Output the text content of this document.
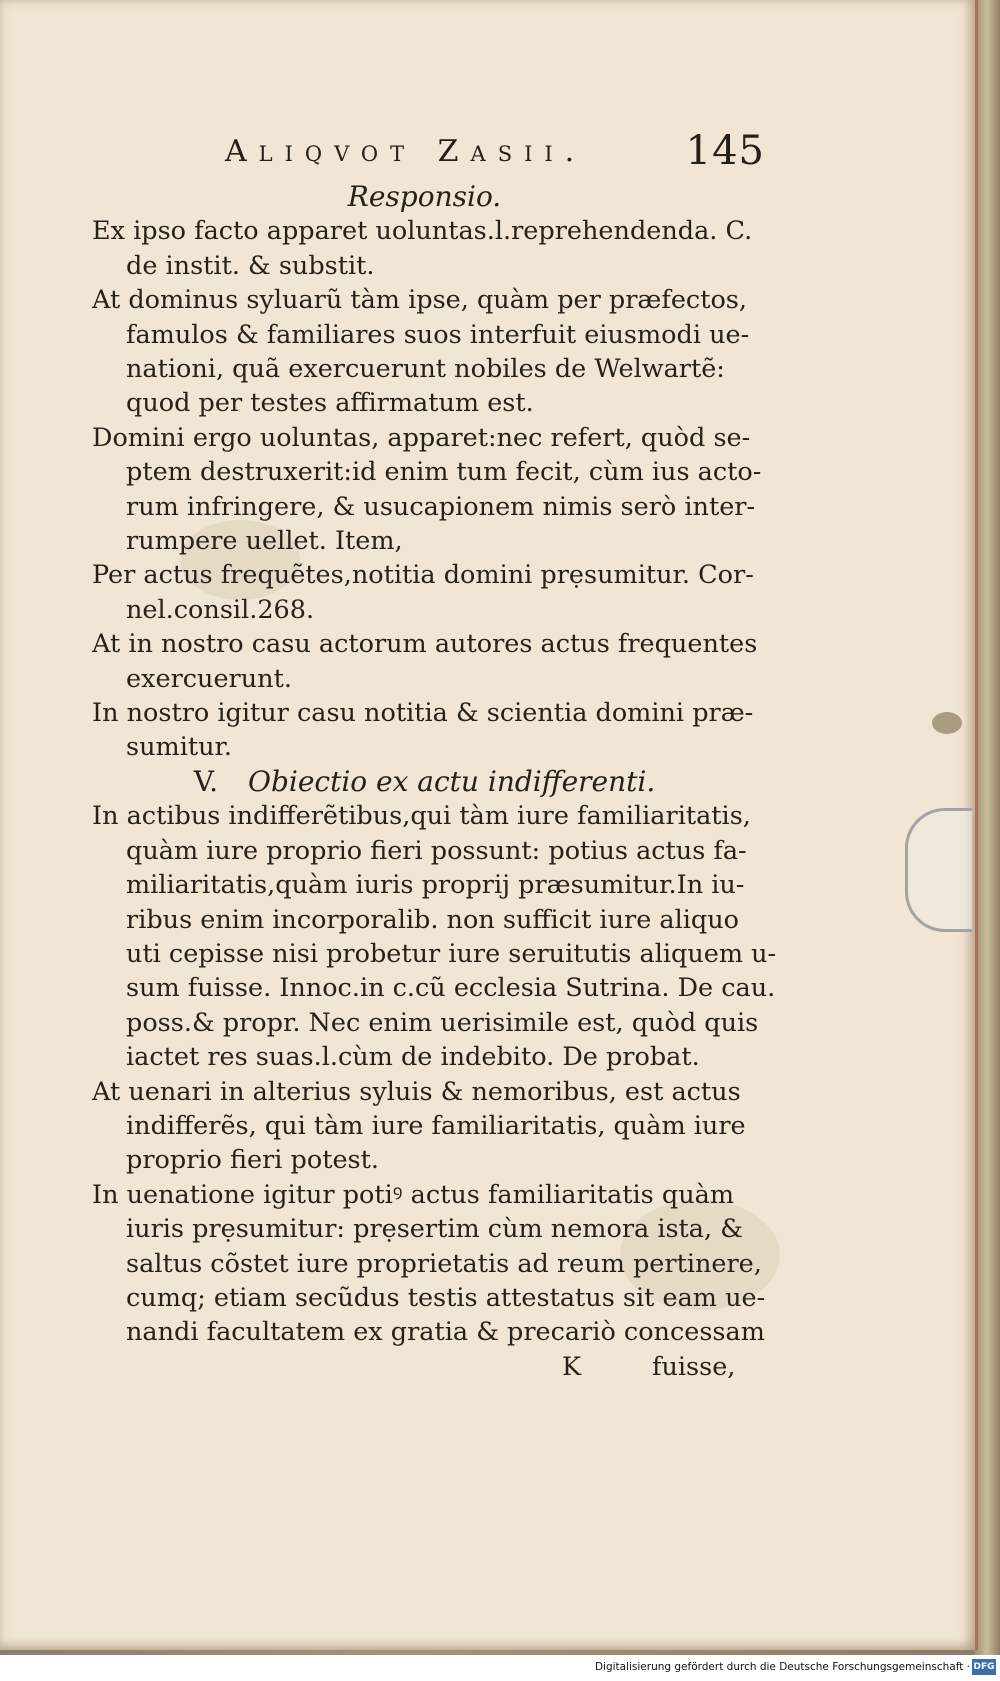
Aliqvot Zasii.	145
Responsio.
Ex ipso facto apparet uoluntas.l.reprehendenda. C.
de instit. & substit.
At dominus syluarũ tàm ipse, quàm per præfectos,
famulos & familiares suos interfuit eiusmodi ue-
nationi, quã exercuerunt nobiles de Welwartẽ:
quod per testes affirmatum est.
Domini ergo uoluntas, apparet:nec refert, quòd se-
ptem destruxerit:id enim tum fecit, cùm ius acto-
rum infringere, & usucapionem nimis serò inter-
rumpere uellet. Item,
Per actus frequẽtes,notitia domini prẹsumitur. Cor-
nel.consil.268.
At in nostro casu actorum autores actus frequentes
exercuerunt.
In nostro igitur casu notitia & scientia domini præ-
sumitur.
V. Obiectio ex actu indifferenti.
In actibus indifferẽtibus,qui tàm iure familiaritatis,
quàm iure proprio fieri possunt: potius actus fa-
miliaritatis,quàm iuris proprij præsumitur.In iu-
ribus enim incorporalib. non sufficit iure aliquo
uti cepisse nisi probetur iure seruitutis aliquem u-
sum fuisse. Innoc.in c.cũ ecclesia Sutrina. De cau.
poss.& propr. Nec enim uerisimile est, quòd quis
iactet res suas.l.cùm de indebito. De probat.
At uenari in alterius syluis & nemoribus, est actus
indifferẽs, qui tàm iure familiaritatis, quàm iure
proprio fieri potest.
In uenatione igitur potiꝰ actus familiaritatis quàm
iuris prẹsumitur: prẹsertim cùm nemora ista, &
saltus cõstet iure proprietatis ad reum pertinere,
cumq; etiam secũdus testis attestatus sit eam ue-
nandi facultatem ex gratia & precariò concessam
K	fuisse,
Digitalisierung gefördert durch die Deutsche Forschungsgemeinschaft · DFG
